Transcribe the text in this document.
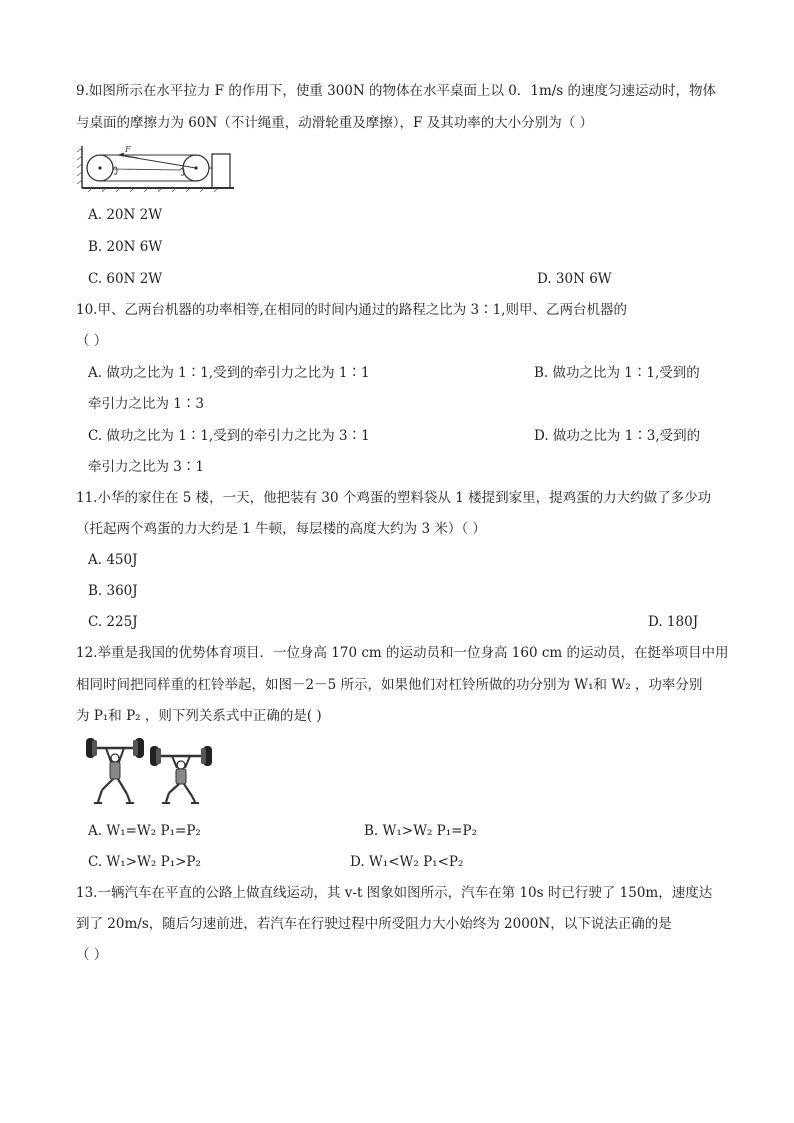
9.如图所示在水平拉力 F 的作用下，使重 300N 的物体在水平桌面上以 0．1m/s 的速度匀速运动时，物体
与桌面的摩擦力为 60N（不计绳重，动滑轮重及摩擦），F 及其功率的大小分别为（ ）
F
A. 20N 2W
B. 20N 6W
C. 60N 2W	D. 30N 6W
10.甲、乙两台机器的功率相等,在相同的时间内通过的路程之比为 3∶1,则甲、乙两台机器的
（ ）
A. 做功之比为 1∶1,受到的牵引力之比为 1∶1	B. 做功之比为 1∶1,受到的
牵引力之比为 1∶3
C. 做功之比为 1∶1,受到的牵引力之比为 3∶1	D. 做功之比为 1∶3,受到的
牵引力之比为 3∶1
11.小华的家住在 5 楼，一天，他把装有 30 个鸡蛋的塑料袋从 1 楼提到家里，提鸡蛋的力大约做了多少功
（托起两个鸡蛋的力大约是 1 牛顿，每层楼的高度大约为 3 米）（ ）
A. 450J
B. 360J
C. 225J	D. 180J
12.举重是我国的优势体育项目．一位身高 170 cm 的运动员和一位身高 160 cm 的运动员，在挺举项目中用
相同时间把同样重的杠铃举起，如图－2－5 所示，如果他们对杠铃所做的功分别为 W₁和 W₂ ，功率分别
为 P₁和 P₂ ，则下列关系式中正确的是( )
A. W₁=W₂ P₁=P₂	B. W₁>W₂ P₁=P₂
C. W₁>W₂ P₁>P₂	D. W₁<W₂ P₁<P₂
13.一辆汽车在平直的公路上做直线运动，其 v-t 图象如图所示，汽车在第 10s 时已行驶了 150m，速度达
到了 20m/s，随后匀速前进，若汽车在行驶过程中所受阻力大小始终为 2000N，以下说法正确的是
（ ）
